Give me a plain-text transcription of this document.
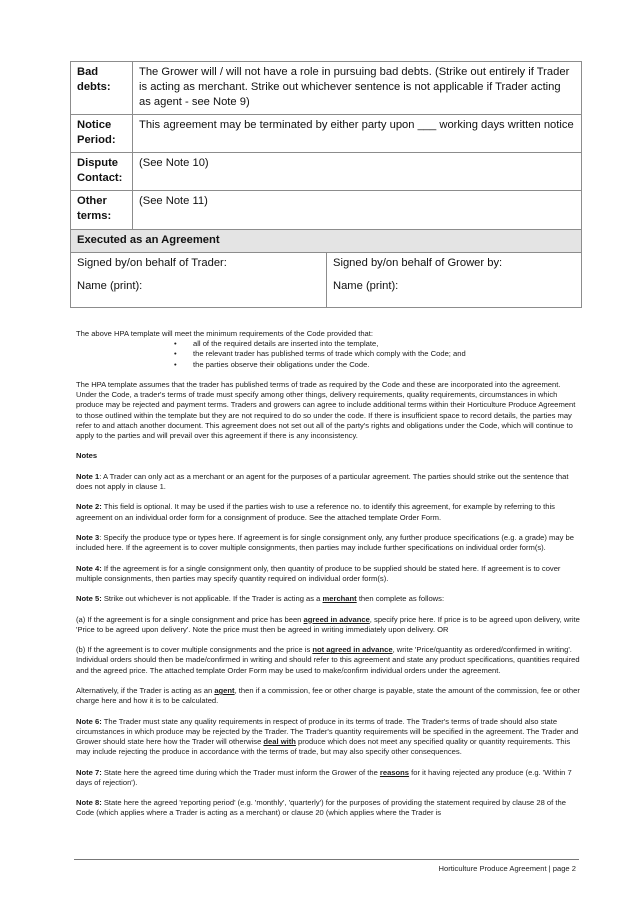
Bad debts:	The Grower will / will not have a role in pursuing bad debts. (Strike out entirely if Trader is acting as merchant. Strike out whichever sentence is not applicable if Trader acting as agent - see Note 9)
Notice Period:	This agreement may be terminated by either party upon ___ working days written notice
Dispute Contact:	(See Note 10)
Other terms:	(See Note 11)
Executed as an Agreement

Signed by/on behalf of Trader:
Name (print):

Signed by/on behalf of Grower by:
Name (print):

The above HPA template will meet the minimum requirements of the Code provided that:

• all of the required details are inserted into the template,
• the relevant trader has published terms of trade which comply with the Code; and
• the parties observe their obligations under the Code.

The HPA template assumes that the trader has published terms of trade as required by the Code and these are incorporated into the agreement. Under the Code, a trader's terms of trade must specify among other things, delivery requirements, quality requirements, circumstances in which produce may be rejected and payment terms. Traders and growers can agree to include additional terms within their Horticulture Produce Agreement to those outlined within the template but they are not required to do so under the code. If there is insufficient space to record details, the parties may refer to and attach another document. This agreement does not set out all of the party's rights and obligations under the Code, which will continue to apply to the parties and will prevail over this agreement if there is any inconsistency.

Notes

Note 1: A Trader can only act as a merchant or an agent for the purposes of a particular agreement. The parties should strike out the sentence that does not apply in clause 1.

Note 2: This field is optional. It may be used if the parties wish to use a reference no. to identify this agreement, for example by referring to this agreement on an individual order form for a consignment of produce. See the attached template Order Form.

Note 3: Specify the produce type or types here. If agreement is for single consignment only, any further produce specifications (e.g. a grade) may be included here. If the agreement is to cover multiple consignments, then parties may include further specifications on individual order form(s).

Note 4: If the agreement is for a single consignment only, then quantity of produce to be supplied should be stated here. If agreement is to cover multiple consignments, then parties may specify quantity required on individual order form(s).

Note 5: Strike out whichever is not applicable. If the Trader is acting as a merchant then complete as follows:

(a) If the agreement is for a single consignment and price has been agreed in advance, specify price here. If price is to be agreed upon delivery, write 'Price to be agreed upon delivery'. Note the price must then be agreed in writing immediately upon delivery. OR

(b) If the agreement is to cover multiple consignments and the price is not agreed in advance, write 'Price/quantity as ordered/confirmed in writing'. Individual orders should then be made/confirmed in writing and should refer to this agreement and state any product specifications, quantities required and the agreed price. The attached template Order Form may be used to make/confirm individual orders under the agreement.

Alternatively, if the Trader is acting as an agent, then if a commission, fee or other charge is payable, state the amount of the commission, fee or other charge here and how it is to be calculated.

Note 6: The Trader must state any quality requirements in respect of produce in its terms of trade. The Trader's terms of trade should also state circumstances in which produce may be rejected by the Trader. The Trader's quantity requirements will be specified in the agreement. The Trader and Grower should state here how the Trader will otherwise deal with produce which does not meet any specified quality or quantity requirements. This may include rejecting the produce in accordance with the terms of trade, but may also specify other consequences.

Note 7: State here the agreed time during which the Trader must inform the Grower of the reasons for it having rejected any produce (e.g. 'Within 7 days of rejection').

Note 8: State here the agreed 'reporting period' (e.g. 'monthly', 'quarterly') for the purposes of providing the statement required by clause 28 of the Code (which applies where a Trader is acting as a merchant) or clause 20 (which applies where the Trader is

Horticulture Produce Agreement | page 2
